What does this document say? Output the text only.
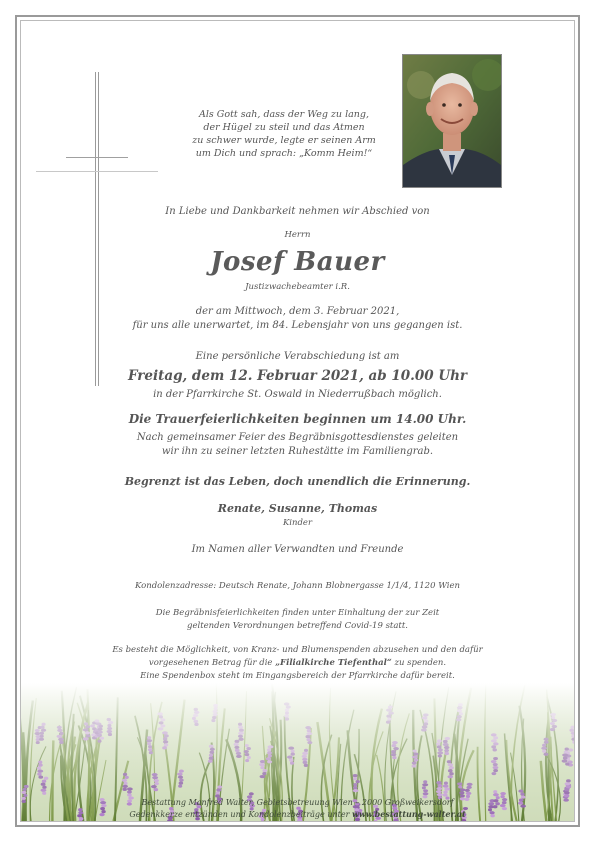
Als Gott sah, dass der Weg zu lang,
der Hügel zu steil und das Atmen
zu schwer wurde, legte er seinen Arm
um Dich und sprach: „Komm Heim!“
In Liebe und Dankbarkeit nehmen wir Abschied von
Herrn
Josef Bauer
Justizwachebeamter i.R.
der am Mittwoch, dem 3. Februar 2021,
für uns alle unerwartet, im 84. Lebensjahr von uns gegangen ist.
Eine persönliche Verabschiedung ist am
Freitag, dem 12. Februar 2021, ab 10.00 Uhr
in der Pfarrkirche St. Oswald in Niederrußbach möglich.
Die Trauerfeierlichkeiten beginnen um 14.00 Uhr.
Nach gemeinsamer Feier des Begräbnisgottesdienstes geleiten
wir ihn zu seiner letzten Ruhestätte im Familiengrab.
Begrenzt ist das Leben, doch unendlich die Erinnerung.
Renate, Susanne, Thomas
Kinder
Im Namen aller Verwandten und Freunde
Kondolenzadresse: Deutsch Renate, Johann Blobnergasse 1/1/4, 1120 Wien
Die Begräbnisfeierlichkeiten finden unter Einhaltung der zur Zeit
geltenden Verordnungen betreffend Covid-19 statt.
Es besteht die Möglichkeit, von Kranz- und Blumenspenden abzusehen und den dafür
vorgesehenen Betrag für die „Filialkirche Tiefenthal“ zu spenden.
Eine Spendenbox steht im Eingangsbereich der Pfarrkirche dafür bereit.
Bestattung Manfred Walter, Gebietsbetreuung Wien – 2000 Großweikersdorf
Gedenkkerze entzünden und Kondolenzbeiträge unter www.bestattung-walter.at
